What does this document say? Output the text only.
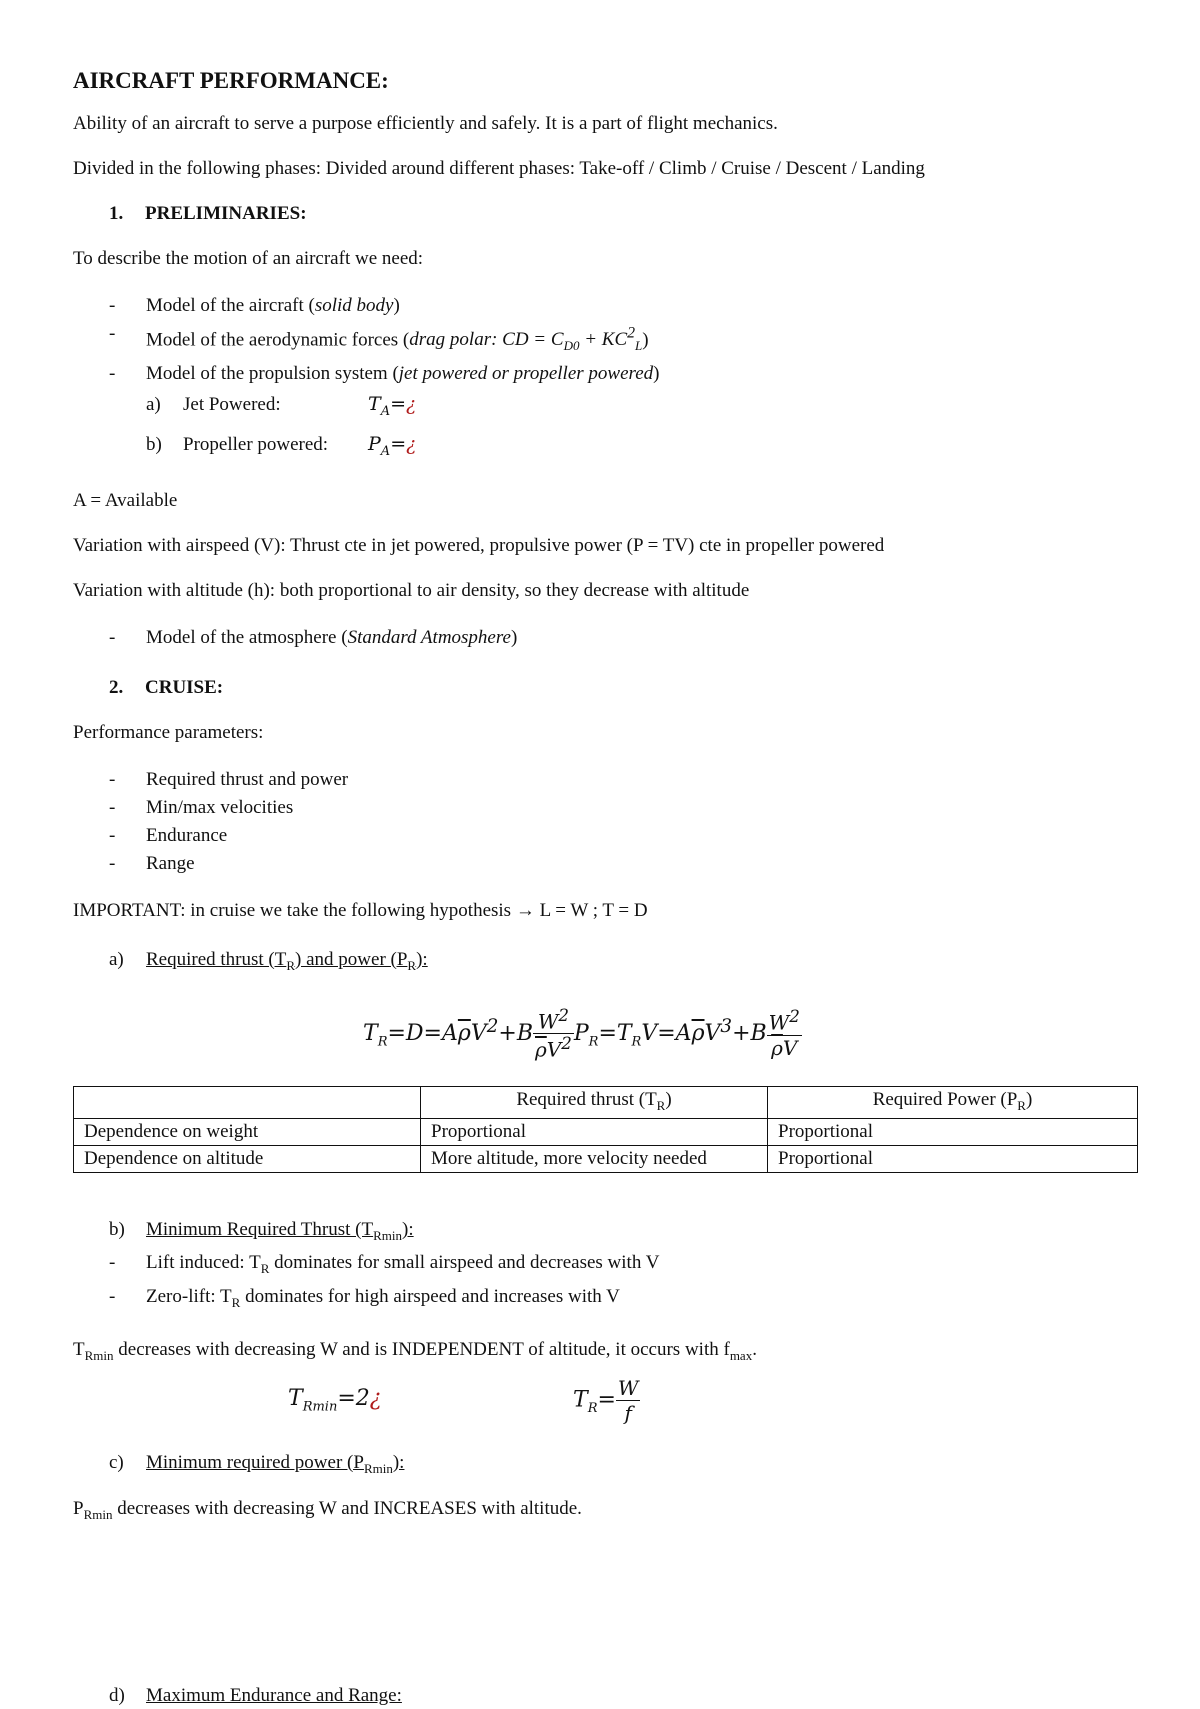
AIRCRAFT PERFORMANCE:

Ability of an aircraft to serve a purpose efficiently and safely. It is a part of flight mechanics.

Divided in the following phases: Divided around different phases: Take-off / Climb / Cruise / Descent / Landing

1. PRELIMINARIES:

To describe the motion of an aircraft we need:

- Model of the aircraft (solid body)
- Model of the aerodynamic forces (drag polar: CD = $C_{D0} + KC^2_L$)
- Model of the propulsion system (jet powered or propeller powered)
a) Jet Powered:	$T_A=¿$
b) Propeller powered: $P_A=¿$

A = Available

Variation with airspeed (V): Thrust cte in jet powered, propulsive power (P = TV) cte in propeller powered

Variation with altitude (h): both proportional to air density, so they decrease with altitude

- Model of the atmosphere (Standard Atmosphere)
2. CRUISE:

Performance parameters:

- Required thrust and power
- Min/max velocities
- Endurance
- Range

IMPORTANT: in cruise we take the following hypothesis → L = W ; T = D

a) Required thrust $(T_R)$ and power $(P_R)$:
$T_R=D=A\overline{\rho}V^2+B \frac{W^2}{\overline{\rho}V^2} P_R=T_RV=A\overline{\rho}V^3+B \frac{W^2}{\overline{\rho}V}$
	Required thrust $(T_R)$	Required Power $(P_R)$
Dependence on weight	Proportional	Proportional
Dependence on altitude	More altitude, more velocity needed	Proportional
b) Minimum Required Thrust $(T_{Rmin})$:
- Lift induced: $T_R$ dominates for small airspeed and decreases with V
- Zero-lift: $T_R$ dominates for high airspeed and increases with V

$T_{Rmin}$ decreases with decreasing W and is INDEPENDENT of altitude, it occurs with $f_{max}$.

$T_{Rmin}=2¿$	$T_R= \frac{W}{f}$
c) Minimum required power $(P_{Rmin})$:

$P_{Rmin}$ decreases with decreasing W and INCREASES with altitude.

d) Maximum Endurance and Range:
